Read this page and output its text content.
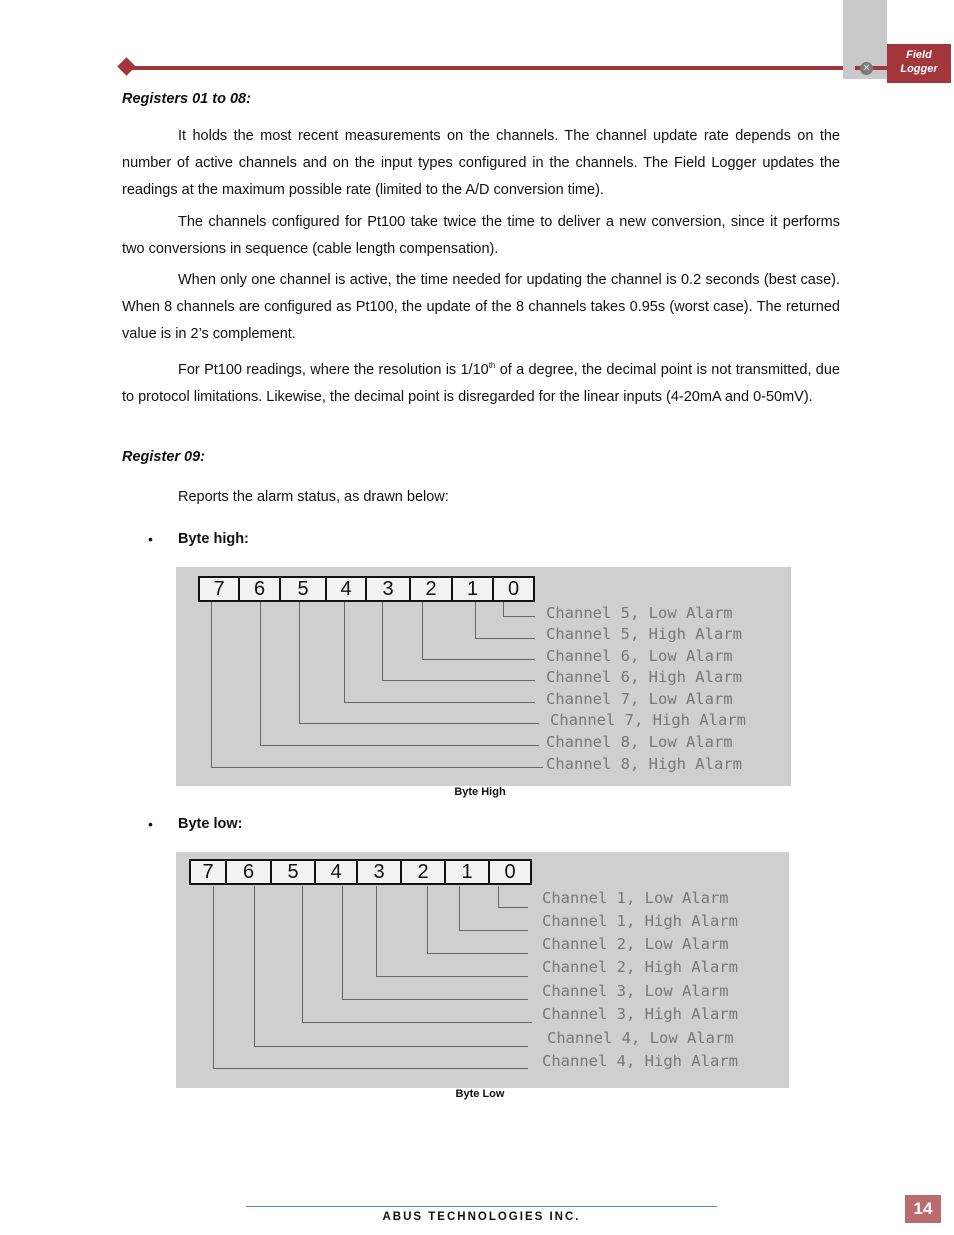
Field
Logger
✕
Registers 01 to 08:
It holds the most recent measurements on the channels. The channel update rate depends on the number of active channels and on the input types configured in the channels. The Field Logger updates the readings at the maximum possible rate (limited to the A/D conversion time).
The channels configured for Pt100 take twice the time to deliver a new conversion, since it performs two conversions in sequence (cable length compensation).
When only one channel is active, the time needed for updating the channel is 0.2 seconds (best case). When 8 channels are configured as Pt100, the update of the 8 channels takes 0.95s (worst case). The returned value is in 2’s complement.
For Pt100 readings, where the resolution is 1/10th of a degree, the decimal point is not transmitted, due to protocol limitations. Likewise, the decimal point is disregarded for the linear inputs (4-20mA and 0-50mV).
Register 09:
Reports the alarm status, as drawn below:
• Byte high:
7	6	5	4	3	2	1	0
Channel 5, Low Alarm
Channel 5, High Alarm
Channel 6, Low Alarm
Channel 6, High Alarm
Channel 7, Low Alarm
Channel 7, High Alarm
Channel 8, Low Alarm
Channel 8, High Alarm
Byte High
• Byte low:
7	6	5	4	3	2	1	0
Channel 1, Low Alarm
Channel 1, High Alarm
Channel 2, Low Alarm
Channel 2, High Alarm
Channel 3, Low Alarm
Channel 3, High Alarm
Channel 4, Low Alarm
Channel 4, High Alarm
Byte Low
ABUS TECHNOLOGIES INC.	14
